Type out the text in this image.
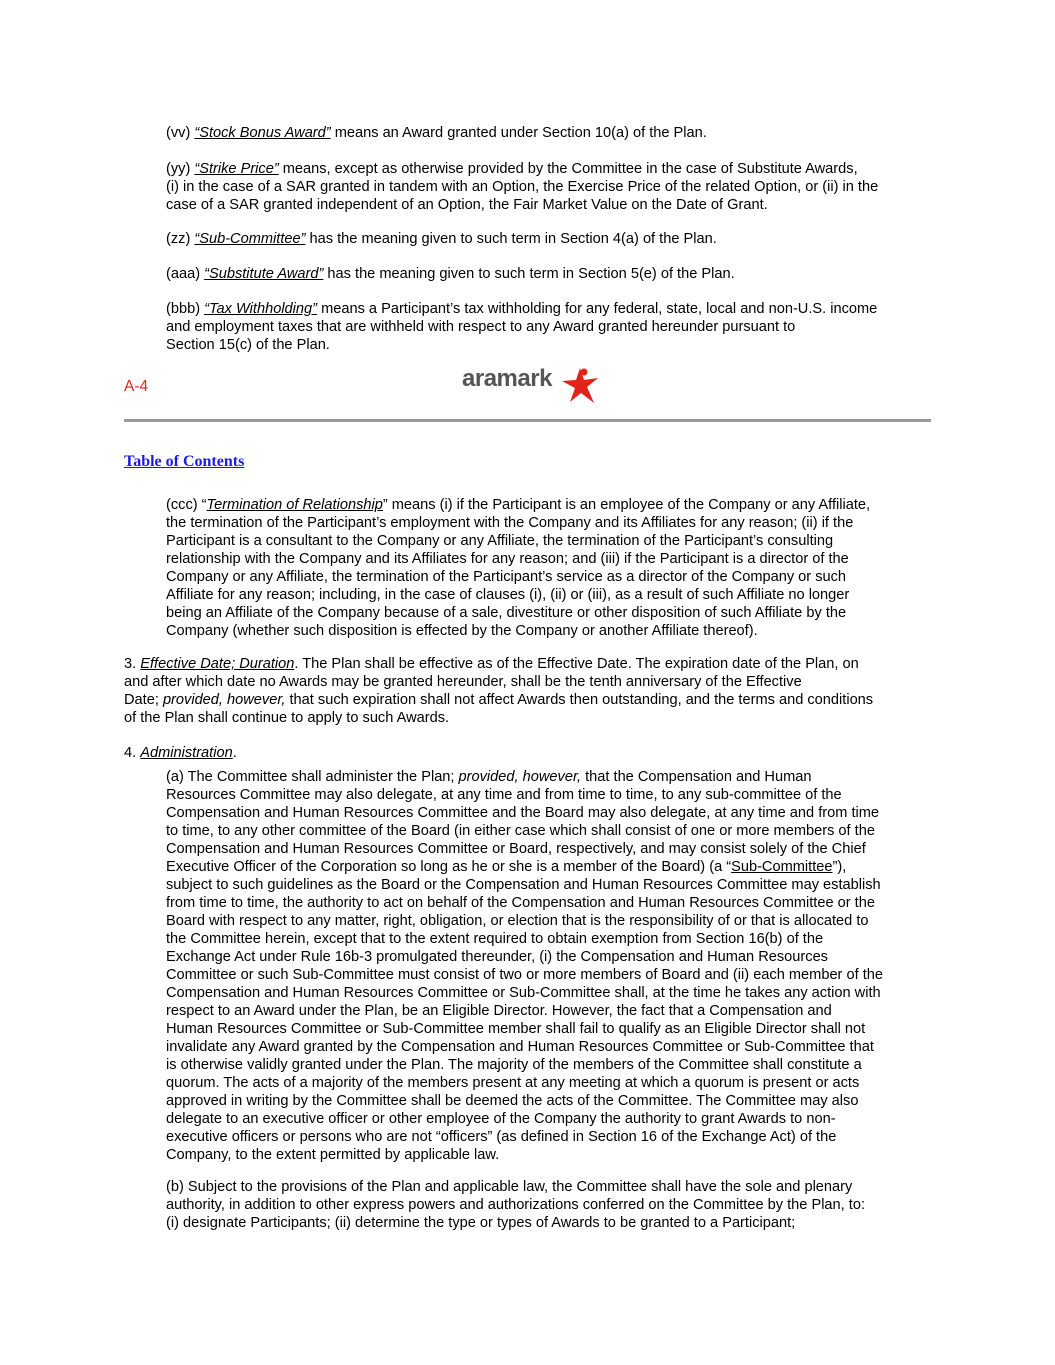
(vv) “Stock Bonus Award” means an Award granted under Section 10(a) of the Plan.

(yy) “Strike Price” means, except as otherwise provided by the Committee in the case of Substitute Awards,

(i) in the case of a SAR granted in tandem with an Option, the Exercise Price of the related Option, or (ii) in the

case of a SAR granted independent of an Option, the Fair Market Value on the Date of Grant.

(zz) “Sub-Committee” has the meaning given to such term in Section 4(a) of the Plan.

(aaa) “Substitute Award” has the meaning given to such term in Section 5(e) of the Plan.

(bbb) “Tax Withholding” means a Participant’s tax withholding for any federal, state, local and non-U.S. income

and employment taxes that are withheld with respect to any Award granted hereunder pursuant to

Section 15(c) of the Plan.

A-4	aramark
Table of Contents

(ccc) “Termination of Relationship” means (i) if the Participant is an employee of the Company or any Affiliate,

the termination of the Participant’s employment with the Company and its Affiliates for any reason; (ii) if the

Participant is a consultant to the Company or any Affiliate, the termination of the Participant’s consulting

relationship with the Company and its Affiliates for any reason; and (iii) if the Participant is a director of the

Company or any Affiliate, the termination of the Participant’s service as a director of the Company or such

Affiliate for any reason; including, in the case of clauses (i), (ii) or (iii), as a result of such Affiliate no longer

being an Affiliate of the Company because of a sale, divestiture or other disposition of such Affiliate by the

Company (whether such disposition is effected by the Company or another Affiliate thereof).

3. Effective Date; Duration. The Plan shall be effective as of the Effective Date. The expiration date of the Plan, on

and after which date no Awards may be granted hereunder, shall be the tenth anniversary of the Effective

Date; provided, however, that such expiration shall not affect Awards then outstanding, and the terms and conditions

of the Plan shall continue to apply to such Awards.

4. Administration.

(a) The Committee shall administer the Plan; provided, however, that the Compensation and Human

Resources Committee may also delegate, at any time and from time to time, to any sub-committee of the

Compensation and Human Resources Committee and the Board may also delegate, at any time and from time

to time, to any other committee of the Board (in either case which shall consist of one or more members of the

Compensation and Human Resources Committee or Board, respectively, and may consist solely of the Chief

Executive Officer of the Corporation so long as he or she is a member of the Board) (a “Sub-Committee”),

subject to such guidelines as the Board or the Compensation and Human Resources Committee may establish

from time to time, the authority to act on behalf of the Compensation and Human Resources Committee or the

Board with respect to any matter, right, obligation, or election that is the responsibility of or that is allocated to

the Committee herein, except that to the extent required to obtain exemption from Section 16(b) of the

Exchange Act under Rule 16b-3 promulgated thereunder, (i) the Compensation and Human Resources

Committee or such Sub-Committee must consist of two or more members of Board and (ii) each member of the

Compensation and Human Resources Committee or Sub-Committee shall, at the time he takes any action with

respect to an Award under the Plan, be an Eligible Director. However, the fact that a Compensation and

Human Resources Committee or Sub-Committee member shall fail to qualify as an Eligible Director shall not

invalidate any Award granted by the Compensation and Human Resources Committee or Sub-Committee that

is otherwise validly granted under the Plan. The majority of the members of the Committee shall constitute a

quorum. The acts of a majority of the members present at any meeting at which a quorum is present or acts

approved in writing by the Committee shall be deemed the acts of the Committee. The Committee may also

delegate to an executive officer or other employee of the Company the authority to grant Awards to non-

executive officers or persons who are not “officers” (as defined in Section 16 of the Exchange Act) of the

Company, to the extent permitted by applicable law.

(b) Subject to the provisions of the Plan and applicable law, the Committee shall have the sole and plenary

authority, in addition to other express powers and authorizations conferred on the Committee by the Plan, to:

(i) designate Participants; (ii) determine the type or types of Awards to be granted to a Participant;
